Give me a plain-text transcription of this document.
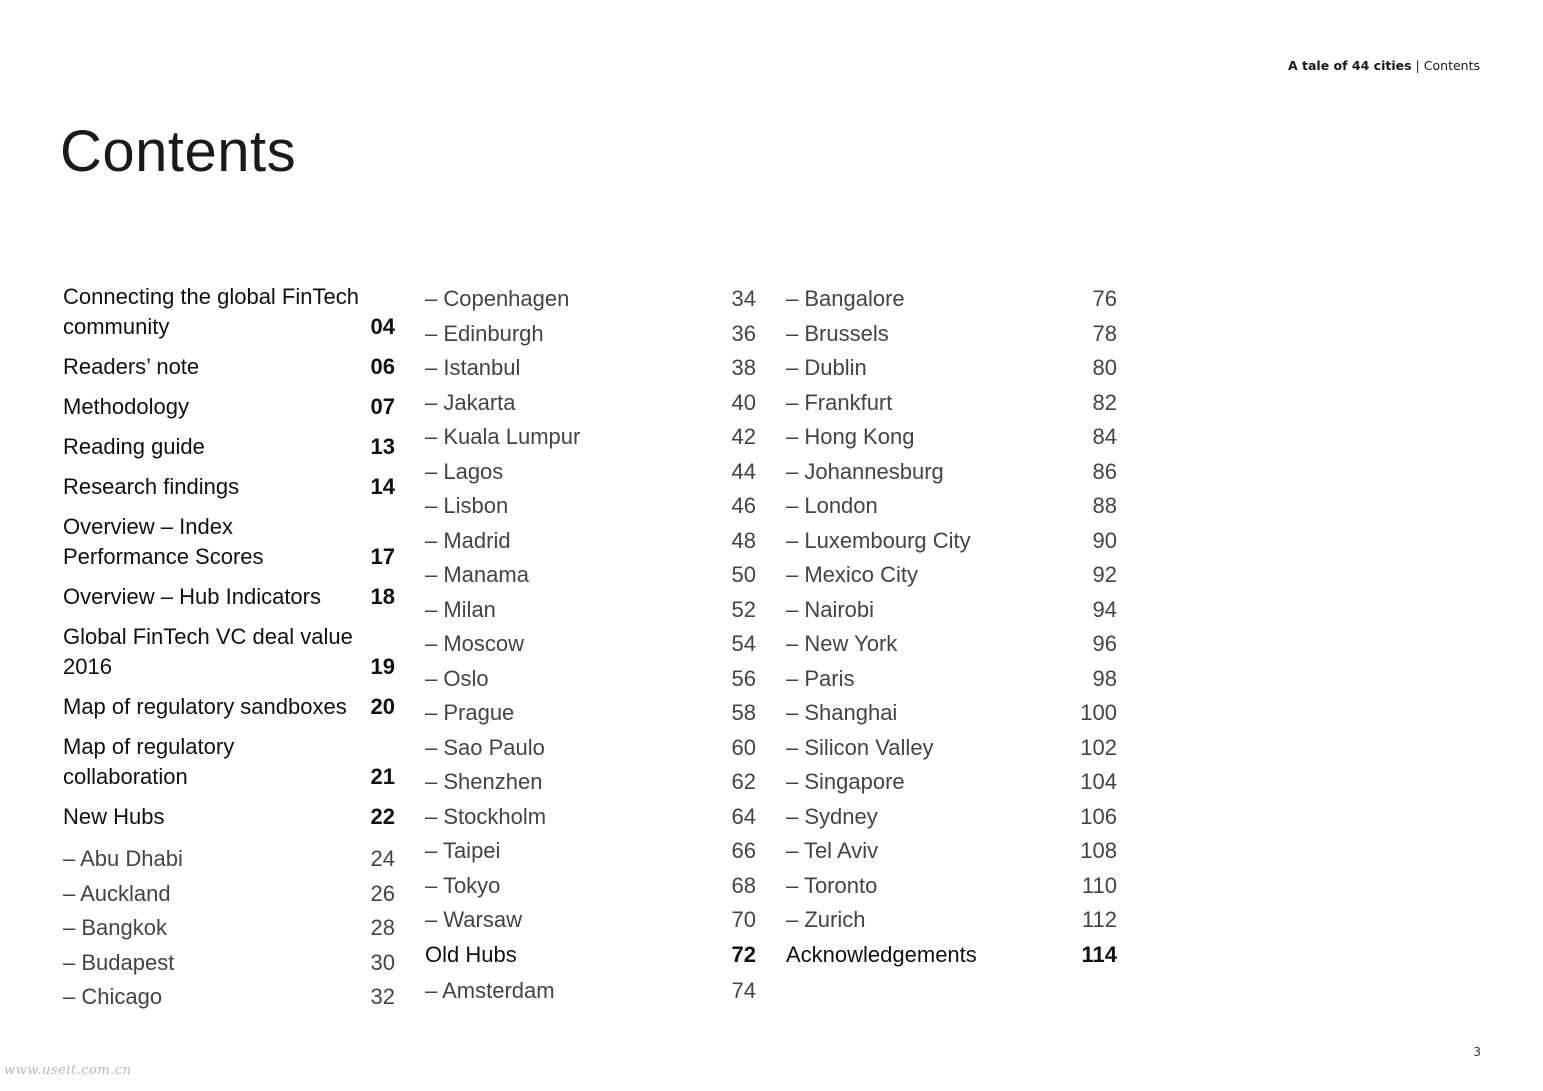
A tale of 44 cities | Contents
Contents
Connecting the global FinTech community	04
Readers’ note	06
Methodology	07
Reading guide	13
Research findings	14
Overview – Index Performance Scores	17
Overview – Hub Indicators 18
Global FinTech VC deal value 2016	19
Map of regulatory sandboxes 20
Map of regulatory collaboration	21
New Hubs	22
– Abu Dhabi	24
– Auckland	26
– Bangkok	28
– Budapest	30
– Chicago	32
– Copenhagen	34
– Edinburgh	36
– Istanbul	38
– Jakarta	40
– Kuala Lumpur	42
– Lagos	44
– Lisbon	46
– Madrid	48
– Manama	50
– Milan	52
– Moscow	54
– Oslo	56
– Prague	58
– Sao Paulo	60
– Shenzhen	62
– Stockholm	64
– Taipei	66
– Tokyo	68
– Warsaw	70
Old Hubs	72
– Amsterdam	74
– Bangalore	76
– Brussels	78
– Dublin	80
– Frankfurt	82
– Hong Kong	84
– Johannesburg	86
– London	88
– Luxembourg City	90
– Mexico City	92
– Nairobi	94
– New York	96
– Paris	98
– Shanghai	100
– Silicon Valley	102
– Singapore	104
– Sydney	106
– Tel Aviv	108
– Toronto	110
– Zurich	112
Acknowledgements	114
3
www.useit.com.cn
